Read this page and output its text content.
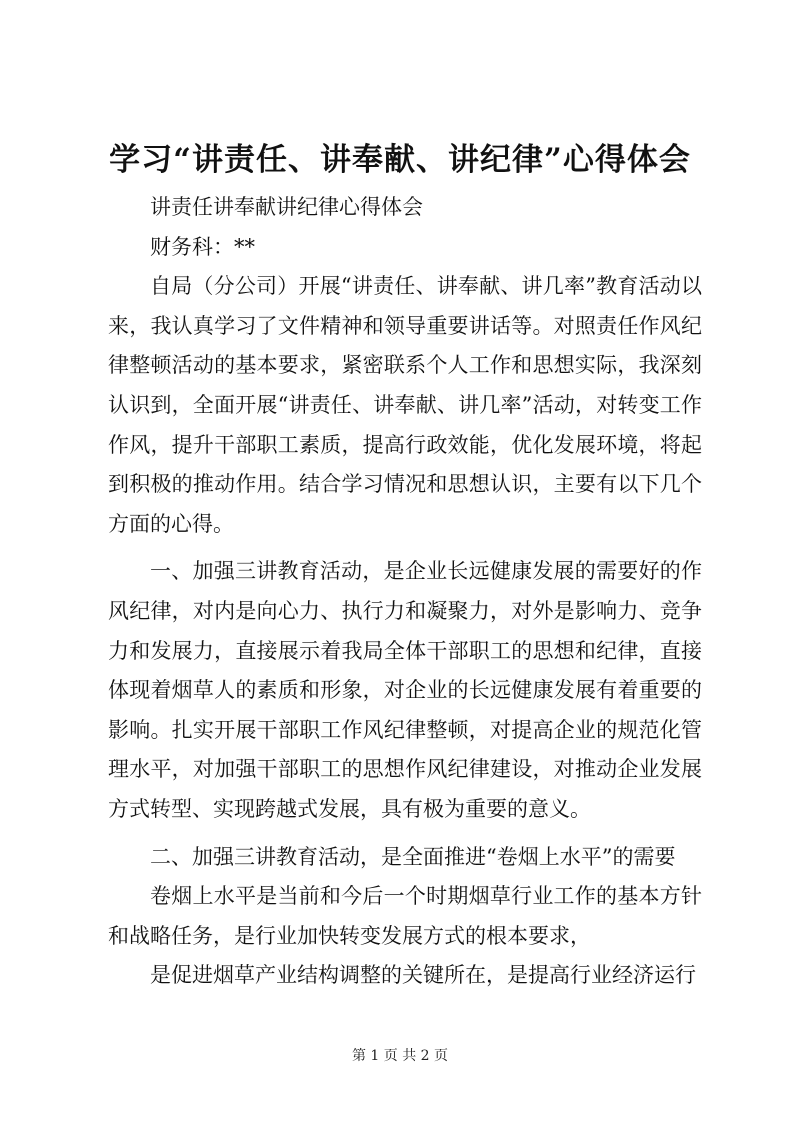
学习“讲责任、讲奉献、讲纪律”心得体会

讲责任讲奉献讲纪律心得体会

财务科：**

自局（分公司）开展“讲责任、讲奉献、讲几率”教育活动以来，我认真学习了文件精神和领导重要讲话等。对照责任作风纪律整顿活动的基本要求，紧密联系个人工作和思想实际，我深刻认识到，全面开展“讲责任、讲奉献、讲几率”活动，对转变工作作风，提升干部职工素质，提高行政效能，优化发展环境，将起到积极的推动作用。结合学习情况和思想认识，主要有以下几个方面的心得。

一、加强三讲教育活动，是企业长远健康发展的需要好的作风纪律，对内是向心力、执行力和凝聚力，对外是影响力、竞争力和发展力，直接展示着我局全体干部职工的思想和纪律，直接体现着烟草人的素质和形象，对企业的长远健康发展有着重要的影响。扎实开展干部职工作风纪律整顿，对提高企业的规范化管理水平，对加强干部职工的思想作风纪律建设，对推动企业发展方式转型、实现跨越式发展，具有极为重要的意义。

二、加强三讲教育活动，是全面推进“卷烟上水平”的需要

卷烟上水平是当前和今后一个时期烟草行业工作的基本方针和战略任务，是行业加快转变发展方式的根本要求，

是促进烟草产业结构调整的关键所在，是提高行业经济运行

第 1 页 共 2 页
